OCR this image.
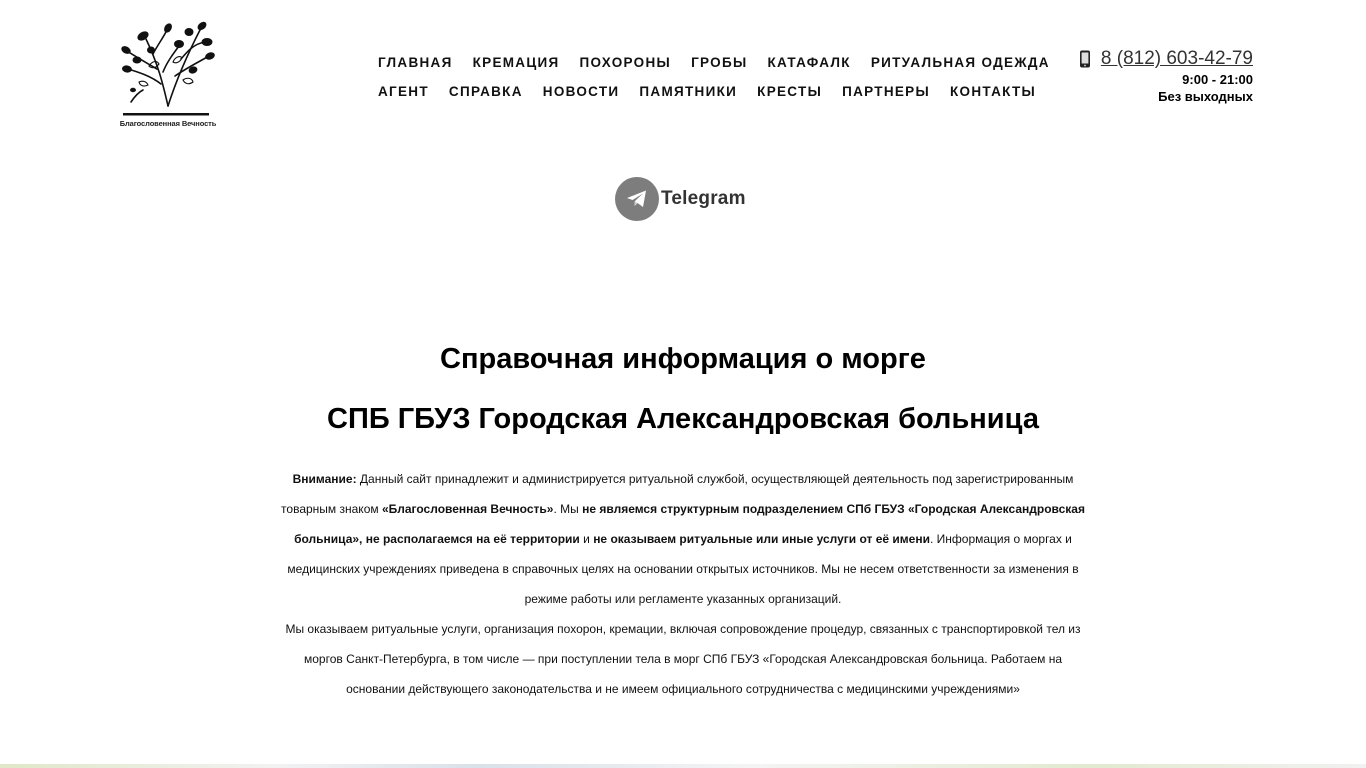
Благословенная Вечность
ГЛАВНАЯ	КРЕМАЦИЯ	ПОХОРОНЫ	ГРОБЫ	КАТАФАЛК	РИТУАЛЬНАЯ ОДЕЖДА
АГЕНТ	СПРАВКА	НОВОСТИ	ПАМЯТНИКИ	КРЕСТЫ	ПАРТНЕРЫ	КОНТАКТЫ
8 (812) 603-42-79
9:00 - 21:00
Без выходных
Telegram
Справочная информация о морге
СПБ ГБУЗ Городская Александровская больница

Внимание: Данный сайт принадлежит и администрируется ритуальной службой, осуществляющей деятельность под зарегистрированным товарным знаком «Благословенная Вечность». Мы не являемся структурным подразделением СПб ГБУЗ «Городская Александровская больница», не располагаемся на её территории и не оказываем ритуальные или иные услуги от её имени. Информация о моргах и медицинских учреждениях приведена в справочных целях на основании открытых источников. Мы не несем ответственности за изменения в режиме работы или регламенте указанных организаций.

Мы оказываем ритуальные услуги, организация похорон, кремации, включая сопровождение процедур, связанных с транспортировкой тел из моргов Санкт-Петербурга, в том числе — при поступлении тела в морг СПб ГБУЗ «Городская Александровская больница. Работаем на основании действующего законодательства и не имеем официального сотрудничества с медицинскими учреждениями»
